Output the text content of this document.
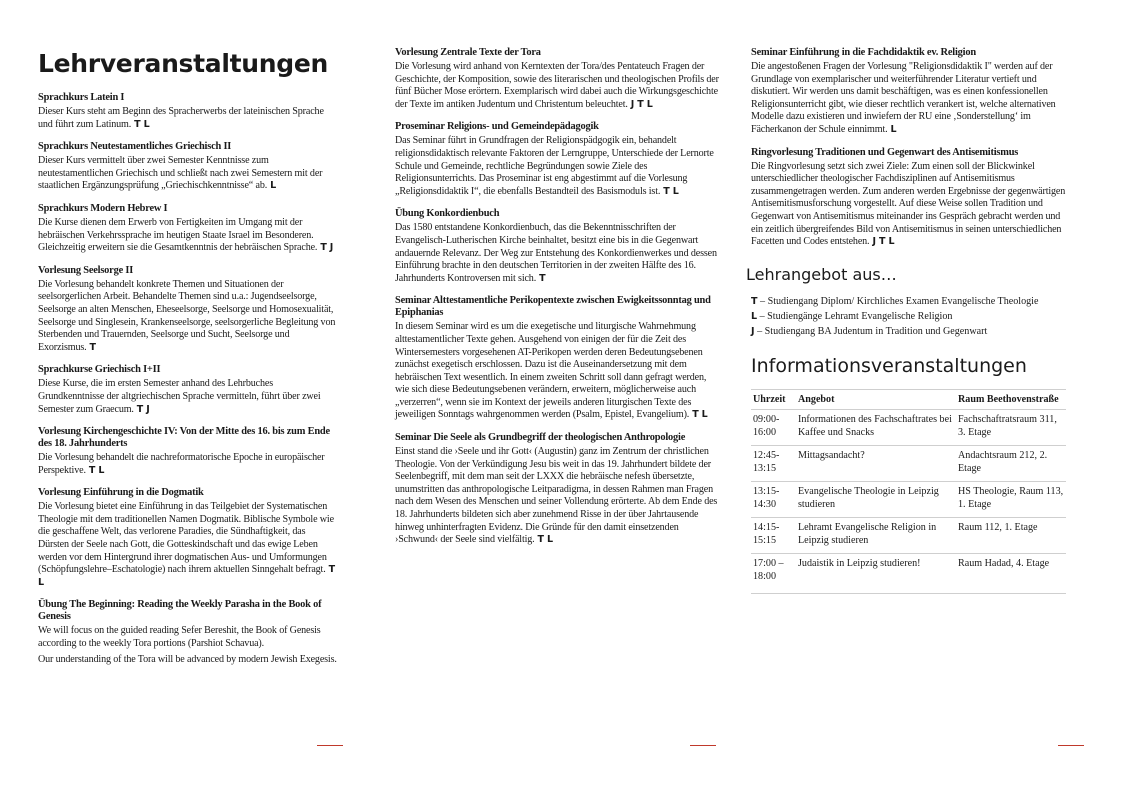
Lehrveranstaltungen
Sprachkurs Latein I

Dieser Kurs steht am Beginn des Spracherwerbs der lateinischen Sprache und führt zum Latinum. T L

Sprachkurs Neutestamentliches Griechisch II

Dieser Kurs vermittelt über zwei Semester Kenntnisse zum neutestamentlichen Griechisch und schließt nach zwei Semestern mit der staatlichen Ergänzungsprüfung „Griechischkenntnisse“ ab. L

Sprachkurs Modern Hebrew I

Die Kurse dienen dem Erwerb von Fertigkeiten im Umgang mit der hebräischen Verkehrssprache im heutigen Staate Israel im Besonderen. Gleichzeitig erweitern sie die Gesamtkenntnis der hebräischen Sprache. T J

Vorlesung Seelsorge II

Die Vorlesung behandelt konkrete Themen und Situationen der seelsorgerlichen Arbeit. Behandelte Themen sind u.a.: Jugendseelsorge, Seelsorge an alten Menschen, Eheseelsorge, Seelsorge und Homosexualität, Seelsorge und Singlesein, Krankenseelsorge, seelsorgerliche Begleitung von Sterbenden und Trauernden, Seelsorge und Sucht, Seelsorge und Exorzismus. T

Sprachkurse Griechisch I+II

Diese Kurse, die im ersten Semester anhand des Lehrbuches Grundkenntnisse der altgriechischen Sprache vermitteln, führt über zwei Semester zum Graecum. T J

Vorlesung Kirchengeschichte IV: Von der Mitte des 16. bis zum Ende des 18. Jahrhunderts

Die Vorlesung behandelt die nachreformatorische Epoche in europäischer Perspektive. T L

Vorlesung Einführung in die Dogmatik

Die Vorlesung bietet eine Einführung in das Teilgebiet der Systematischen Theologie mit dem traditionellen Namen Dogmatik. Biblische Symbole wie die geschaffene Welt, das verlorene Paradies, die Sündhaftigkeit, das Dürsten der Seele nach Gott, die Gotteskindschaft und das ewige Leben werden vor dem Hintergrund ihrer dogmatischen Aus- und Umformungen (Schöpfungslehre–Eschatologie) nach ihrem aktuellen Sinngehalt befragt. T L

Übung The Beginning: Reading the Weekly Parasha in the Book of Genesis

We will focus on the guided reading Sefer Bereshit, the Book of Genesis according to the weekly Tora portions (Parshiot Schavua).

Our understanding of the Tora will be advanced by modern Jewish Exegesis.

Vorlesung Zentrale Texte der Tora

Die Vorlesung wird anhand von Kerntexten der Tora/des Pentateuch Fragen der Geschichte, der Komposition, sowie des literarischen und theologischen Profils der fünf Bücher Mose erörtern. Exemplarisch wird dabei auch die Wirkungsgeschichte der Texte im antiken Judentum und Christentum beleuchtet. J T L

Proseminar Religions- und Gemeindepädagogik

Das Seminar führt in Grundfragen der Religionspädgogik ein, behandelt religionsdidaktisch relevante Faktoren der Lerngruppe, Unterschiede der Lernorte Schule und Gemeinde, rechtliche Begründungen sowie Ziele des Religionsunterrichts. Das Proseminar ist eng abgestimmt auf die Vorlesung „Religionsdidaktik I“, die ebenfalls Bestandteil des Basismoduls ist. T L

Übung Konkordienbuch

Das 1580 entstandene Konkordienbuch, das die Bekenntnisschriften der Evangelisch-Lutherischen Kirche beinhaltet, besitzt eine bis in die Gegenwart andauernde Relevanz. Der Weg zur Entstehung des Konkordienwerkes und dessen Einführung brachte in den deutschen Territorien in der zweiten Hälfte des 16. Jahrhunderts Kontroversen mit sich. T

Seminar Alttestamentliche Perikopentexte zwischen Ewigkeitssonntag und Epiphanias

In diesem Seminar wird es um die exegetische und liturgische Wahrnehmung alttestamentlicher Texte gehen. Ausgehend von einigen der für die Zeit des Wintersemesters vorgesehenen AT-Perikopen werden deren Bedeutungsebenen zunächst exegetisch erschlossen. Dazu ist die Auseinandersetzung mit dem hebräischen Text wesentlich. In einem zweiten Schritt soll dann gefragt werden, wie sich diese Bedeutungsebenen verändern, erweitern, möglicherweise auch „verzerren“, wenn sie im Kontext der jeweils anderen liturgischen Texte des jeweiligen Sonntags wahrgenommen werden (Psalm, Epistel, Evangelium). T L

Seminar Die Seele als Grundbegriff der theologischen Anthropologie

Einst stand die ›Seele und ihr Gott‹ (Augustin) ganz im Zentrum der christlichen Theologie. Von der Verkündigung Jesu bis weit in das 19. Jahrhundert bildete der Seelenbegriff, mit dem man seit der LXXX die hebräische nefesh übersetzte, unumstritten das anthropologische Leitparadigma, in dessen Rahmen man Fragen nach dem Wesen des Menschen und seiner Vollendung erörterte. Ab dem Ende des 18. Jahrhunderts bildeten sich aber zunehmend Risse in der über Jahrtausende hinweg unhinterfragten Evidenz. Die Gründe für den damit einsetzenden ›Schwund‹ der Seele sind vielfältig. T L

Seminar Einführung in die Fachdidaktik ev. Religion

Die angestoßenen Fragen der Vorlesung "Religionsdidaktik I" werden auf der Grundlage von exemplarischer und weiterführender Literatur vertieft und diskutiert. Wir werden uns damit beschäftigen, was es einen konfessionellen Religionsunterricht gibt, wie dieser rechtlich verankert ist, welche alternativen Modelle dazu existieren und inwiefern der RU eine ‚Sonderstellung‘ im Fächerkanon der Schule einnimmt. L

Ringvorlesung Traditionen und Gegenwart des Antisemitismus

Die Ringvorlesung setzt sich zwei Ziele: Zum einen soll der Blickwinkel unterschiedlicher theologischer Fachdisziplinen auf Antisemitismus zusammengetragen werden. Zum anderen werden Ergebnisse der gegenwärtigen Antisemitismusforschung vorgestellt. Auf diese Weise sollen Tradition und Gegenwart von Antisemitismus miteinander ins Gespräch gebracht werden und ein zeitlich übergreifendes Bild von Antisemitismus in seinen unterschiedlichen Facetten und Codes entstehen. J T L

Lehrangebot aus…
T – Studiengang Diplom/ Kirchliches Examen Evangelische Theologie
L – Studiengänge Lehramt Evangelische Religion
J – Studiengang BA Judentum in Tradition und Gegenwart
Informationsveranstaltungen
Uhrzeit	Angebot	Raum Beethovenstraße
09:00-16:00	Informationen des Fachschaftrates bei Kaffee und Snacks	Fachschaftratsraum 311, 3. Etage
12:45-13:15	Mittagsandacht?	Andachtsraum 212, 2. Etage
13:15-14:30	Evangelische Theologie in Leipzig studieren	HS Theologie, Raum 113, 1. Etage
14:15-15:15	Lehramt Evangelische Religion in Leipzig studieren	Raum 112, 1. Etage
17:00 – 18:00	Judaistik in Leipzig studieren!	Raum Hadad, 4. Etage
